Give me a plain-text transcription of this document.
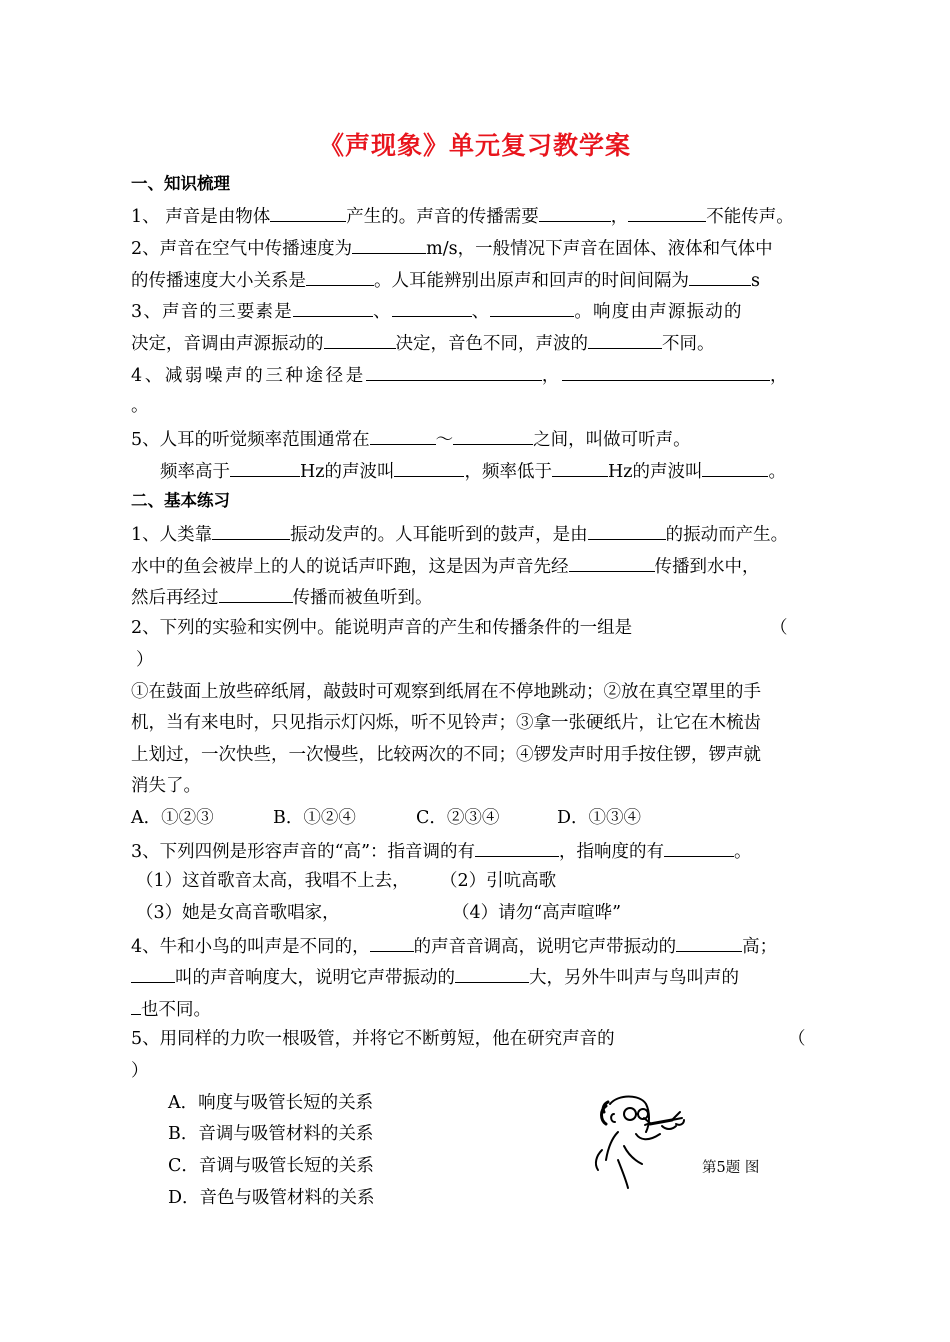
《声现象》单元复习教学案
一、知识梳理
1、 声音是由物体	产生的。声音的传播需要	，	不能传声。
2、声音在空气中传播速度为	m/s，一般情况下声音在固体、液体和气体中
的传播速度大小关系是	。人耳能辨别出原声和回声的时间间隔为	s
3、声音的三要素是	、	、	。响度由声源振动的
决定，音调由声源振动的	决定，音色不同，声波的	不同。
4、减弱噪声的三种途径是	，	，
。
5、人耳的听觉频率范围通常在	～	之间，叫做可听声。
频率高于	Hz的声波叫	，频率低于	Hz的声波叫	。
二、基本练习
1、人类靠	振动发声的。人耳能听到的鼓声，是由	的振动而产生。
水中的鱼会被岸上的人的说话声吓跑，这是因为声音先经	传播到水中，
然后再经过	传播而被鱼听到。
2、下列的实验和实例中。能说明声音的产生和传播条件的一组是	（
）
①在鼓面上放些碎纸屑，敲鼓时可观察到纸屑在不停地跳动；②放在真空罩里的手
机，当有来电时，只见指示灯闪烁，听不见铃声；③拿一张硬纸片，让它在木梳齿
上划过，一次快些，一次慢些，比较两次的不同；④锣发声时用手按住锣，锣声就
消失了。
A．①②③	B．①②④	C．②③④	D．①③④
3、下列四例是形容声音的“高”：指音调的有	，指响度的有	。
（1）这首歌音太高，我唱不上去， （2）引吭高歌
（3）她是女高音歌唱家，	（4）请勿“高声喧哗”
4、牛和小鸟的叫声是不同的，	的声音音调高，说明它声带振动的	高；
叫的声音响度大，说明它声带振动的	大，另外牛叫声与鸟叫声的
也不同。
5、用同样的力吹一根吸管，并将它不断剪短，他在研究声音的	（
）
A．响度与吸管长短的关系
B．音调与吸管材料的关系
C．音调与吸管长短的关系
D．音色与吸管材料的关系
第5题 图
